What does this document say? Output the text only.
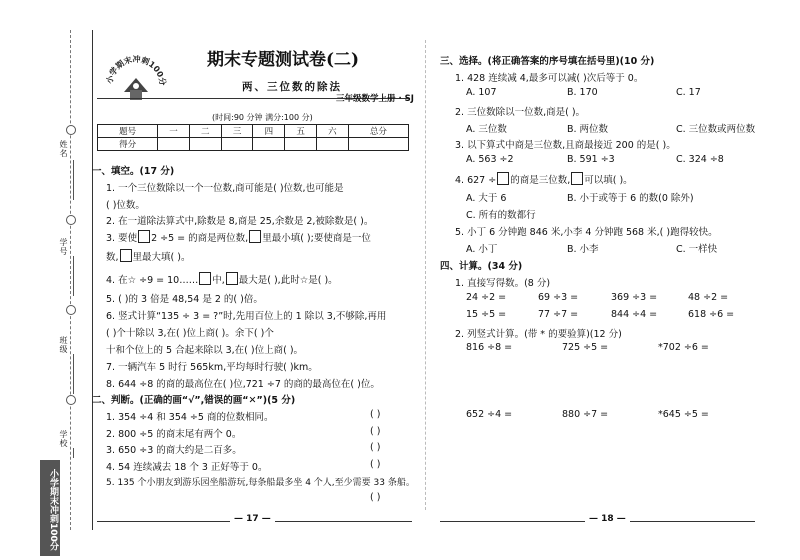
姓名
学号
班级
学校
小学期末冲刺100分
小学期末冲刺100分
期末专题测试卷(二)
两、三位数的除法
三年级数学上册 · SJ
(时间:90 分钟 满分:100 分)
题号	一	二	三	四	五	六	总分
得分							
一、填空。(17 分)
1. 一个三位数除以一个一位数,商可能是( )位数,也可能是
( )位数。
2. 在一道除法算式中,除数是 8,商是 25,余数是 2,被除数是( )。
3. 要使 2 ÷5 = 的商是两位数, 里最小填( );要使商是一位
数, 里最大填( )。
4. 在☆ ÷9 = 10…… 中, 最大是( ),此时☆是( )。
5. ( )的 3 倍是 48,54 是 2 的( )倍。
6. 竖式计算“135 ÷ 3 = ?”时,先用百位上的 1 除以 3,不够除,再用
( )个十除以 3,在( )位上商( )。余下( )个
十和个位上的 5 合起来除以 3,在( )位上商( )。
7. 一辆汽车 5 时行 565km,平均每时行驶( )km。
8. 644 ÷8 的商的最高位在( )位,721 ÷7 的商的最高位在( )位。
二、判断。(正确的画“√”,错误的画“✕”)(5 分)
1. 354 ÷4 和 354 ÷5 商的位数相同。	( )
2. 800 ÷5 的商末尾有两个 0。	( )
3. 650 ÷3 的商大约是二百多。	( )
4. 54 连续减去 18 个 3 正好等于 0。	( )
5. 135 个小朋友到游乐园坐船游玩,每条船最多坐 4 个人,至少需要 33 条船。
( )
— 17 —
三、选择。(将正确答案的序号填在括号里)(10 分)
1. 428 连续减 4,最多可以减( )次后等于 0。
A. 107	B. 170	C. 17
2. 三位数除以一位数,商是( )。
A. 三位数	B. 两位数	C. 三位数或两位数
3. 以下算式中商是三位数,且商最接近 200 的是( )。
A. 563 ÷2	B. 591 ÷3	C. 324 ÷8
4. 627 ÷ 的商是三位数, 可以填( )。
A. 大于 6	B. 小于或等于 6 的数(0 除外)
C. 所有的数都行
5. 小丁 6 分钟跑 846 米,小李 4 分钟跑 568 米,( )跑得较快。
A. 小丁	B. 小李	C. 一样快
四、计算。(34 分)
1. 直接写得数。(8 分)
24 ÷2 =	69 ÷3 =	369 ÷3 =	48 ÷2 =
15 ÷5 =	77 ÷7 =	844 ÷4 =	618 ÷6 =
2. 列竖式计算。(带 * 的要验算)(12 分)
816 ÷8 =	725 ÷5 =	*702 ÷6 =
652 ÷4 =	880 ÷7 =	*645 ÷5 =
— 18 —
